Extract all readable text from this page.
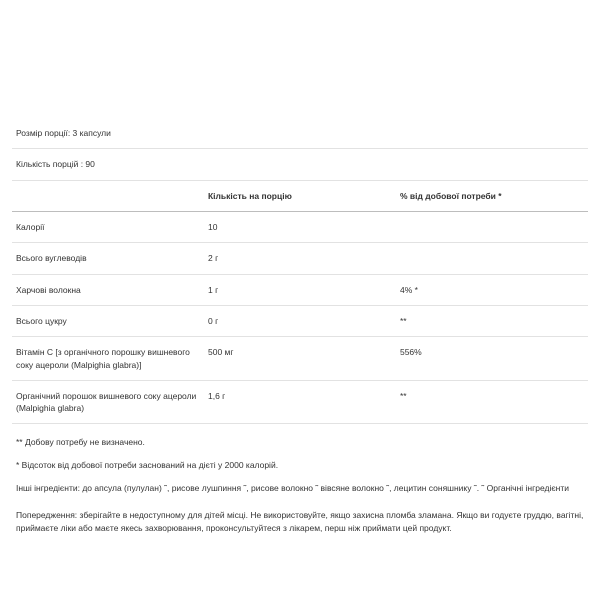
Розмір порції: 3 капсули		
Кількість порцій : 90		
	Кількість на порцію	% від добової потреби *
Калорії	10	
Всього вуглеводів	2 г	
Харчові волокна	1 г	4% *
Всього цукру	0 г	**
Вітамін C [з органічного порошку вишневого соку ацероли (Malpighia glabra)]	500 мг	556%
Органічний порошок вишневого соку ацероли (Malpighia glabra)	1,6 г	**

** Добову потребу не визначено.

* Відсоток від добової потреби заснований на дієті у 2000 калорій.

Інші інгредієнти: до апсула (пулулан) ˜, рисове лушпиння ˜, рисове волокно ˜ вівсяне волокно ˜, лецитин соняшнику ˜. ˜ Органічні інгредієнти

Попередження: зберігайте в недоступному для дітей місці. Не використовуйте, якщо захисна пломба зламана. Якщо ви годуєте груддю, вагітні, приймаєте ліки або маєте якесь захворювання, проконсультуйтеся з лікарем, перш ніж приймати цей продукт.
